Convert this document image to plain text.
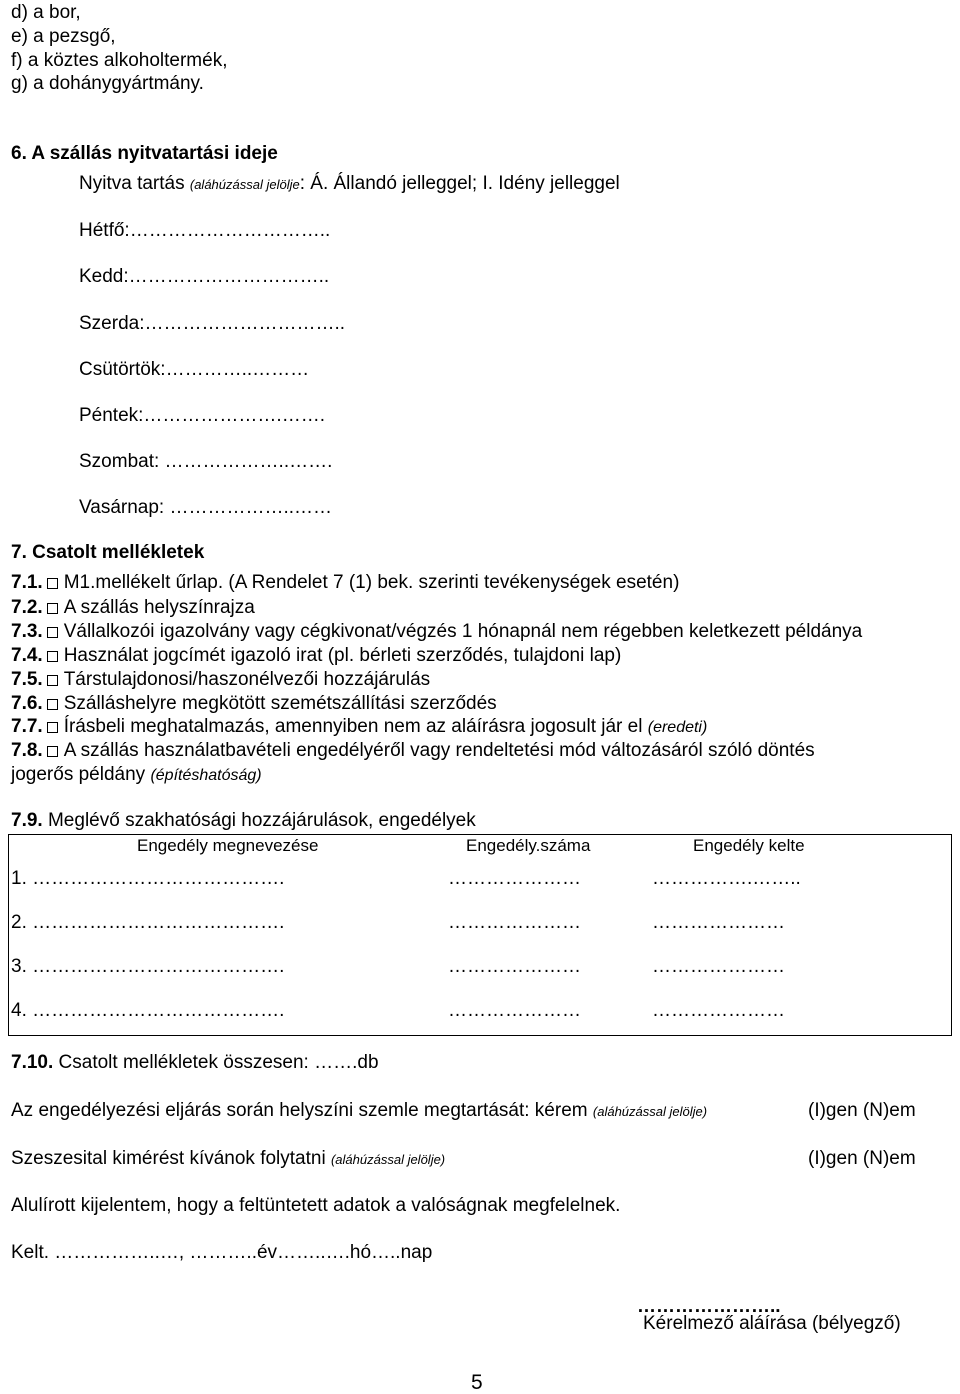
d) a bor,
e) a pezsgő,
f) a köztes alkoholtermék,
g) a dohánygyártmány.
6. A szállás nyitvatartási ideje
Nyitva tartás (aláhúzással jelölje: Á. Állandó jelleggel; I. Idény jelleggel
Hétfő:…………………………..
Kedd:…………………………..
Szerda:…………………………..
Csütörtök:…………..………
Péntek:………………….…….
Szombat: ………………..…….
Vasárnap: ………………..……
7. Csatolt mellékletek
7.1. M1.mellékelt űrlap. (A Rendelet 7 (1) bek. szerinti tevékenységek esetén)
7.2. A szállás helyszínrajza
7.3. Vállalkozói igazolvány vagy cégkivonat/végzés 1 hónapnál nem régebben keletkezett példánya
7.4. Használat jogcímét igazoló irat (pl. bérleti szerződés, tulajdoni lap)
7.5. Társtulajdonosi/haszonélvezői hozzájárulás
7.6. Szálláshelyre megkötött szemétszállítási szerződés
7.7. Írásbeli meghatalmazás, amennyiben nem az aláírásra jogosult jár el (eredeti)
7.8. A szállás használatbavételi engedélyéről vagy rendeltetési mód változásáról szóló döntés
jogerős példány (építéshatóság)
7.9. Meglévő szakhatósági hozzájárulások, engedélyek
Engedély megnevezése	Engedély.száma	Engedély kelte
1. ………………………………….	…………………	…………….……..
2. ………………………………….	…………………	…………………
3. ………………………………….	…………………	…………………
4. ………………………………….	…………………	…………………
7.10. Csatolt mellékletek összesen: …….db
Az engedélyezési eljárás során helyszíni szemle megtartását: kérem (aláhúzással jelölje)	(I)gen (N)em
Szeszesital kimérést kívánok folytatni (aláhúzással jelölje)	(I)gen (N)em
Alulírott kijelentem, hogy a feltüntetett adatok a valóságnak megfelelnek.
Kelt. ……………..…, ………..év……..….hó…..nap
…………………..
Kérelmező aláírása (bélyegző)
5
